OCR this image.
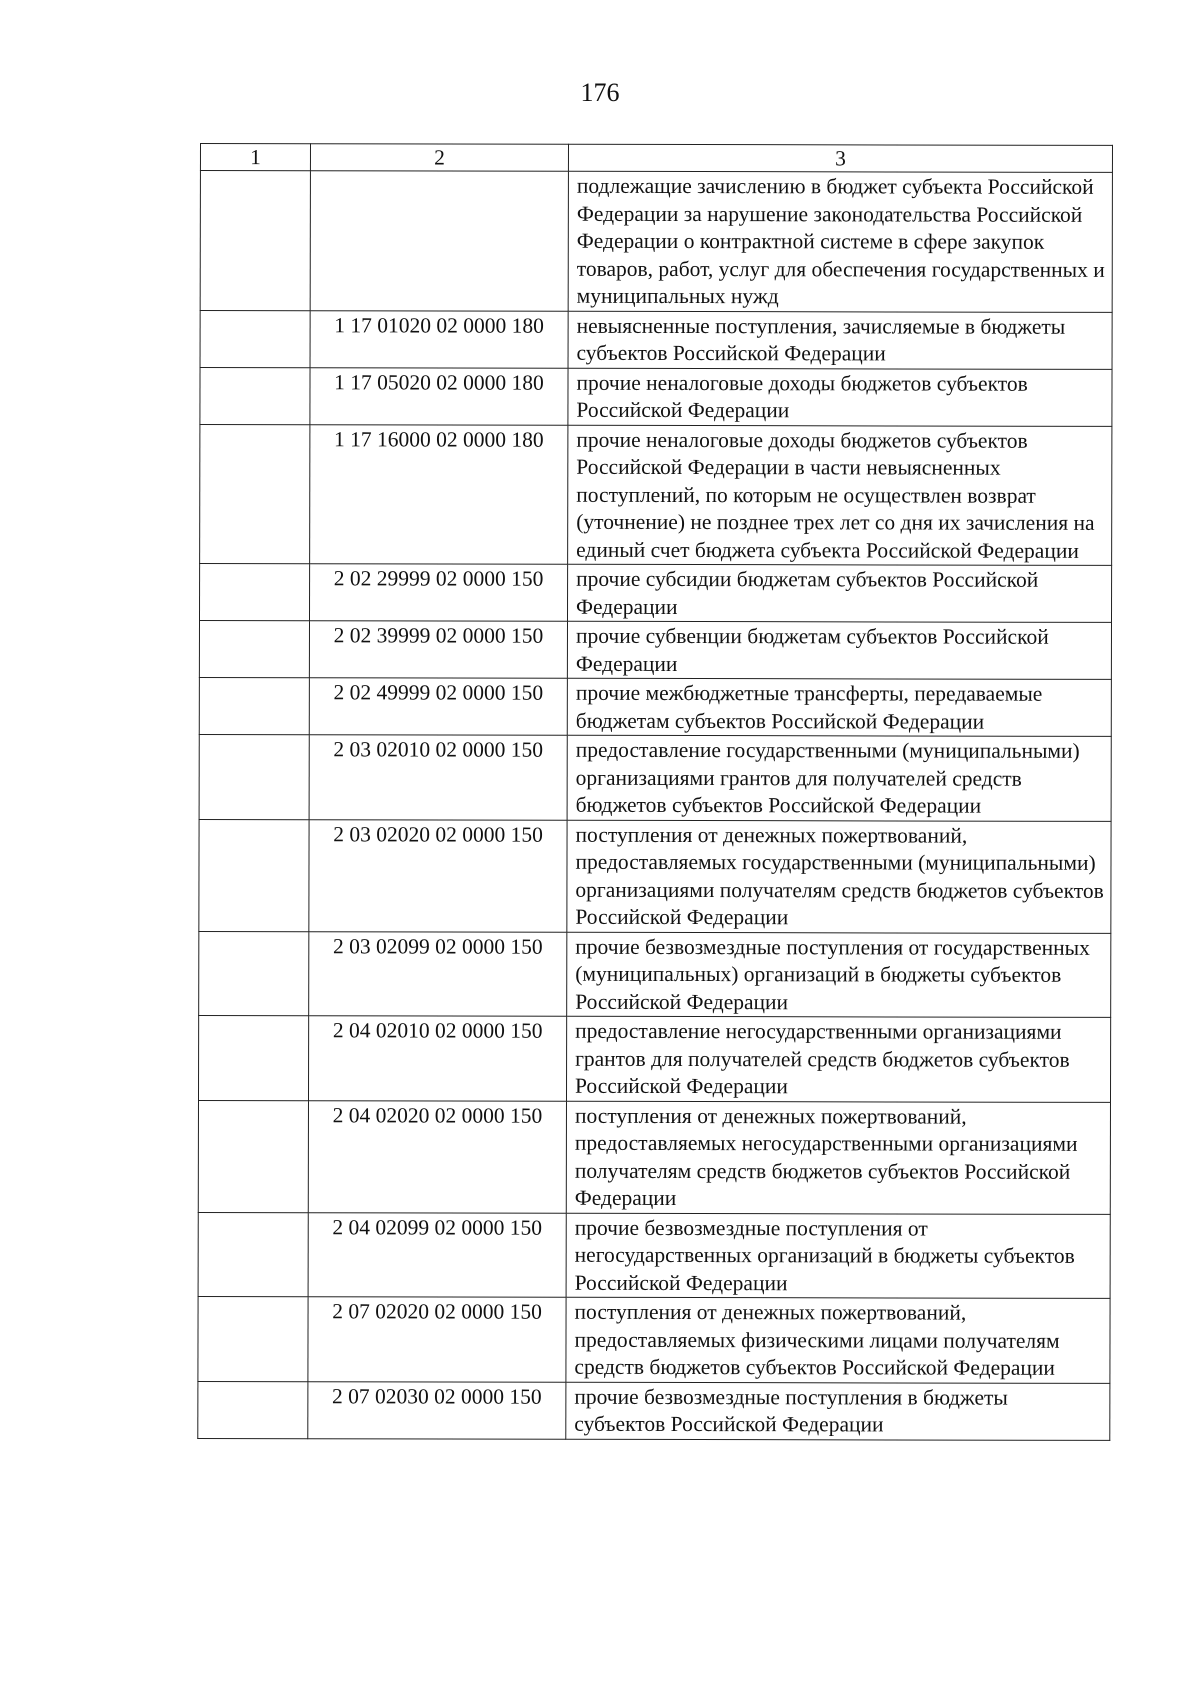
176
1	2	3
		подлежащие зачислению в бюджет субъекта Российской Федерации за нарушение законодательства Российской Федерации о контрактной системе в сфере закупок товаров, работ, услуг для обеспечения государственных и муниципальных нужд
	1 17 01020 02 0000 180	невыясненные поступления, зачисляемые в бюджеты субъектов Российской Федерации
	1 17 05020 02 0000 180	прочие неналоговые доходы бюджетов субъектов Российской Федерации
	1 17 16000 02 0000 180	прочие неналоговые доходы бюджетов субъектов Российской Федерации в части невыясненных поступлений, по которым не осуществлен возврат (уточнение) не позднее трех лет со дня их зачисления на единый счет бюджета субъекта Российской Федерации
	2 02 29999 02 0000 150	прочие субсидии бюджетам субъектов Российской Федерации
	2 02 39999 02 0000 150	прочие субвенции бюджетам субъектов Российской Федерации
	2 02 49999 02 0000 150	прочие межбюджетные трансферты, передаваемые бюджетам субъектов Российской Федерации
	2 03 02010 02 0000 150	предоставление государственными (муниципальными) организациями грантов для получателей средств бюджетов субъектов Российской Федерации
	2 03 02020 02 0000 150	поступления от денежных пожертвований, предоставляемых государственными (муниципальными) организациями получателям средств бюджетов субъектов Российской Федерации
	2 03 02099 02 0000 150	прочие безвозмездные поступления от государственных (муниципальных) организаций в бюджеты субъектов Российской Федерации
	2 04 02010 02 0000 150	предоставление негосударственными организациями грантов для получателей средств бюджетов субъектов Российской Федерации
	2 04 02020 02 0000 150	поступления от денежных пожертвований, предоставляемых негосударственными организациями получателям средств бюджетов субъектов Российской Федерации
	2 04 02099 02 0000 150	прочие безвозмездные поступления от негосударственных организаций в бюджеты субъектов Российской Федерации
	2 07 02020 02 0000 150	поступления от денежных пожертвований, предоставляемых физическими лицами получателям средств бюджетов субъектов Российской Федерации
	2 07 02030 02 0000 150	прочие безвозмездные поступления в бюджеты субъектов Российской Федерации
